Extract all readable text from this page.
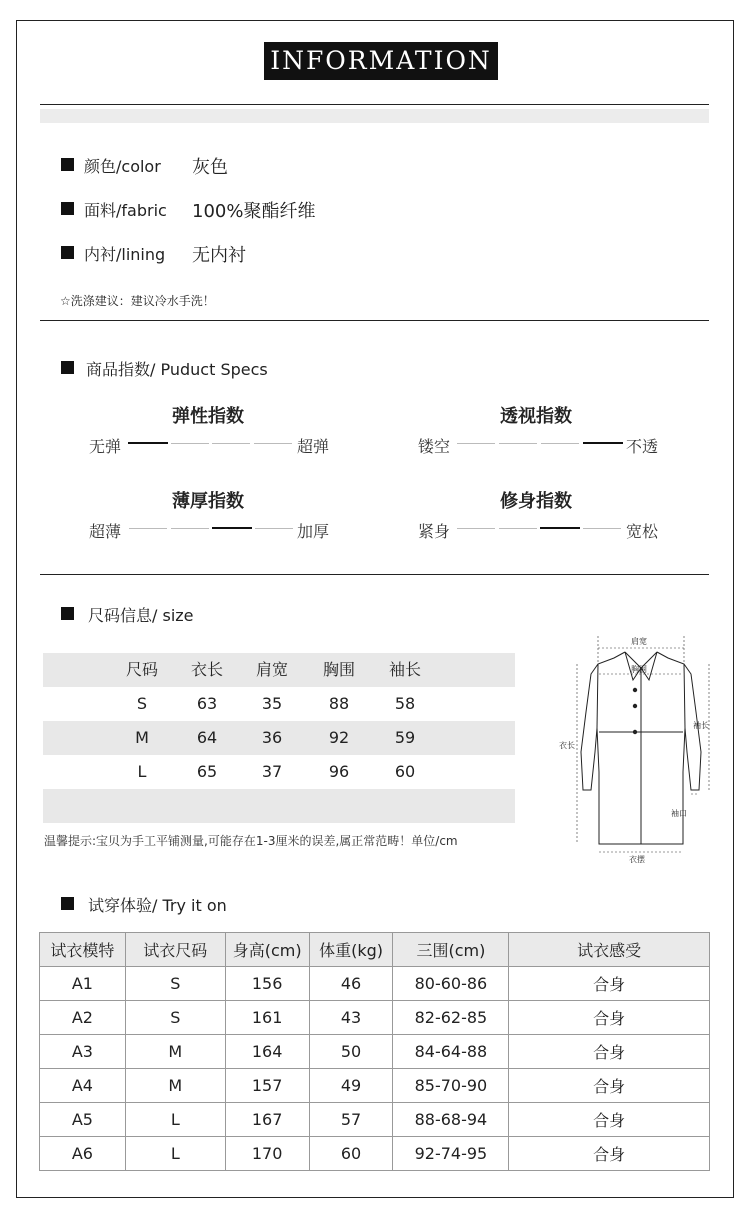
INFORMATION
颜色/color 灰色
面料/fabric 100%聚酯纤维
内衬/lining 无内衬
☆洗涤建议：建议冷水手洗！
商品指数/ Puduct Specs
弹性指数
无弹	超弹
透视指数
镂空	不透
薄厚指数
超薄	加厚
修身指数
紧身	宽松
尺码信息/ size
尺码	衣长	肩宽	胸围	袖长
S	63	35	88	58
M	64	36	92	59
L	65	37	96	60
温馨提示:宝贝为手工平铺测量,可能存在1-3厘米的误差,属正常范畴！单位/cm
肩宽
胸围
衣长
袖长
袖口
衣摆
试穿体验/ Try it on
试衣模特	试衣尺码	身高(cm)	体重(kg)	三围(cm)	试衣感受
A1	S	156	46	80-60-86	合身
A2	S	161	43	82-62-85	合身
A3	M	164	50	84-64-88	合身
A4	M	157	49	85-70-90	合身
A5	L	167	57	88-68-94	合身
A6	L	170	60	92-74-95	合身
